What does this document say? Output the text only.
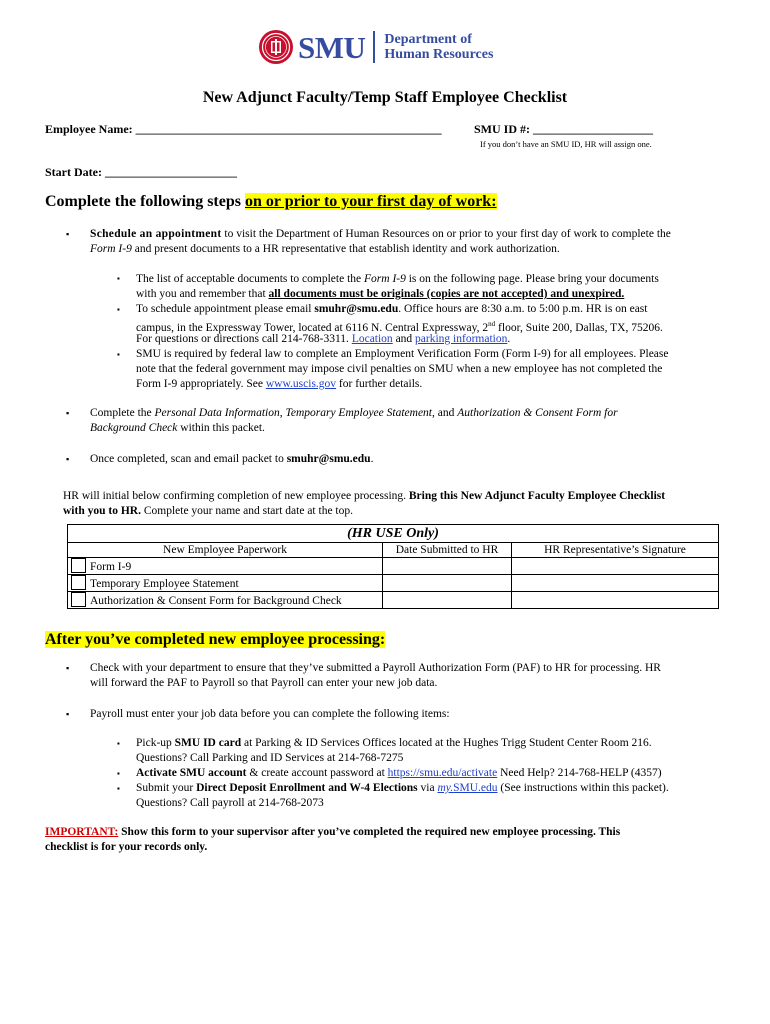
SMU Department of
Human Resources
New Adjunct Faculty/Temp Staff Employee Checklist
Employee Name: ___________________________________________________	SMU ID #: ____________________
If you don’t have an SMU ID, HR will assign one.
Start Date: ______________________
Complete the following steps on or prior to your first day of work:
▪ Schedule an appointment to visit the Department of Human Resources on or prior to your first day of work to complete the
Form I-9 and present documents to a HR representative that establish identity and work authorization.
▪ The list of acceptable documents to complete the Form I-9 is on the following page. Please bring your documents
with you and remember that all documents must be originals (copies are not accepted) and unexpired.
▪ To schedule appointment please email smuhr@smu.edu. Office hours are 8:30 a.m. to 5:00 p.m. HR is on east
campus, in the Expressway Tower, located at 6116 N. Central Expressway, 2nd floor, Suite 200, Dallas, TX, 75206.
For questions or directions call 214-768-3311. Location and parking information.
▪ SMU is required by federal law to complete an Employment Verification Form (Form I-9) for all employees. Please
note that the federal government may impose civil penalties on SMU when a new employee has not completed the
Form I-9 appropriately. See www.uscis.gov for further details.
▪ Complete the Personal Data Information, Temporary Employee Statement, and Authorization & Consent Form for
Background Check within this packet.
▪ Once completed, scan and email packet to smuhr@smu.edu.
HR will initial below confirming completion of new employee processing. Bring this New Adjunct Faculty Employee Checklist
with you to HR. Complete your name and start date at the top.
(HR USE Only)		
New Employee Paperwork	Date Submitted to HR	HR Representative’s Signature
Form I-9		
Temporary Employee Statement		
Authorization & Consent Form for Background Check		
After you’ve completed new employee processing:
▪ Check with your department to ensure that they’ve submitted a Payroll Authorization Form (PAF) to HR for processing. HR
will forward the PAF to Payroll so that Payroll can enter your new job data.
▪ Payroll must enter your job data before you can complete the following items:
▪ Pick-up SMU ID card at Parking & ID Services Offices located at the Hughes Trigg Student Center Room 216.
Questions? Call Parking and ID Services at 214-768-7275
▪ Activate SMU account & create account password at https://smu.edu/activate Need Help? 214-768-HELP (4357)
▪ Submit your Direct Deposit Enrollment and W-4 Elections via my.SMU.edu (See instructions within this packet).
Questions? Call payroll at 214-768-2073
IMPORTANT: Show this form to your supervisor after you’ve completed the required new employee processing. This
checklist is for your records only.
